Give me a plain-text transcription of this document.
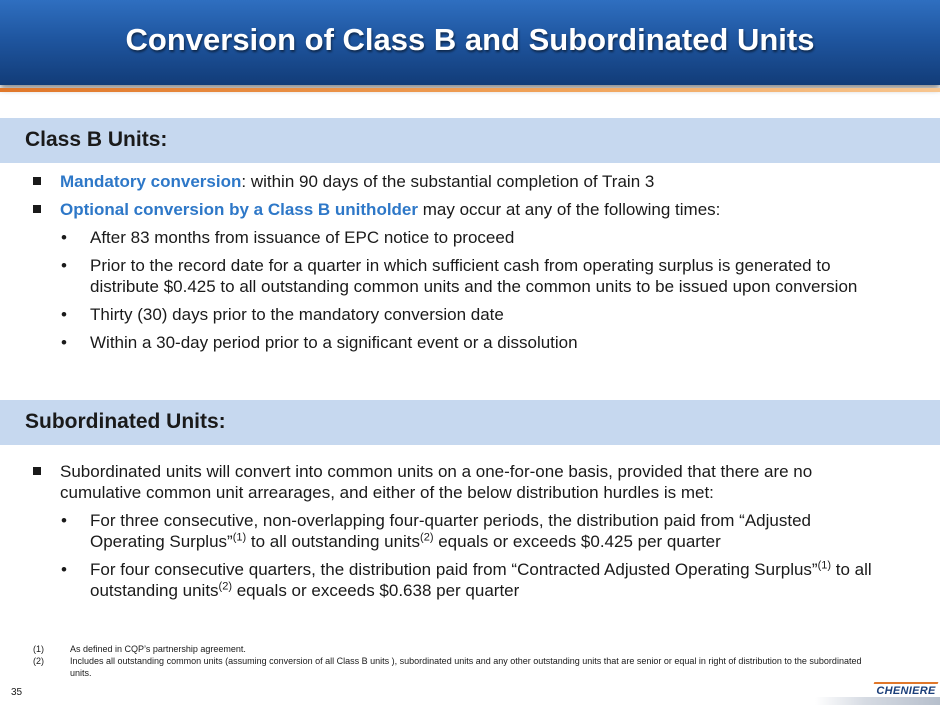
Conversion of Class B and Subordinated Units
Class B Units:
Mandatory conversion: within 90 days of the substantial completion of Train 3
Optional conversion by a Class B unitholder may occur at any of the following times:
• After 83 months from issuance of EPC notice to proceed
• Prior to the record date for a quarter in which sufficient cash from operating surplus is generated to distribute $0.425 to all outstanding common units and the common units to be issued upon conversion
• Thirty (30) days prior to the mandatory conversion date
• Within a 30-day period prior to a significant event or a dissolution
Subordinated Units:
Subordinated units will convert into common units on a one-for-one basis, provided that there are no cumulative common unit arrearages, and either of the below distribution hurdles is met:
• For three consecutive, non-overlapping four-quarter periods, the distribution paid from “Adjusted Operating Surplus”$^{(1)}$ to all outstanding units$^{(2)}$ equals or exceeds $0.425 per quarter
• For four consecutive quarters, the distribution paid from “Contracted Adjusted Operating Surplus”$^{(1)}$ to all outstanding units$^{(2)}$ equals or exceeds $0.638 per quarter
(1)	As defined in CQP’s partnership agreement.
(2)	Includes all outstanding common units (assuming conversion of all Class B units ), subordinated units and any other outstanding units that are senior or equal in right of distribution to the subordinated units.
35	CHENIERE
